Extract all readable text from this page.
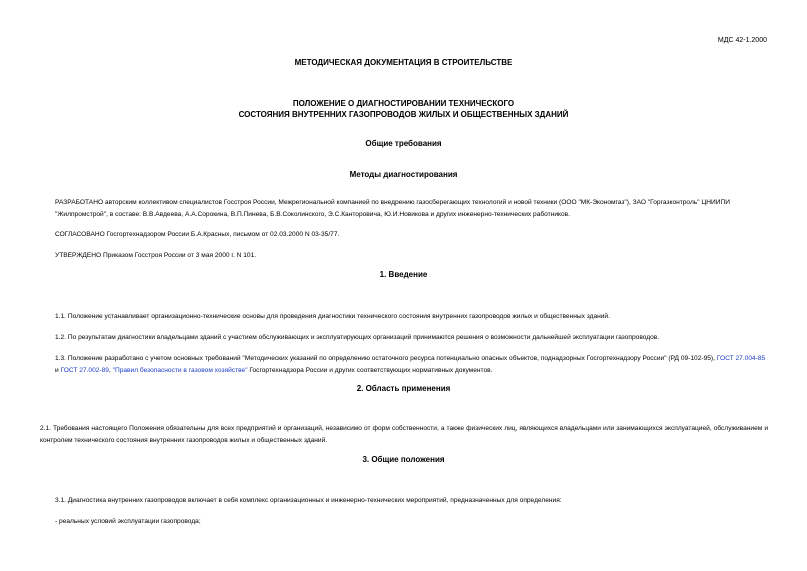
МДС 42-1.2000
МЕТОДИЧЕСКАЯ ДОКУМЕНТАЦИЯ В СТРОИТЕЛЬСТВЕ
ПОЛОЖЕНИЕ О ДИАГНОСТИРОВАНИИ ТЕХНИЧЕСКОГО
СОСТОЯНИЯ ВНУТРЕННИХ ГАЗОПРОВОДОВ ЖИЛЫХ И ОБЩЕСТВЕННЫХ ЗДАНИЙ
Общие требования
Методы диагностирования
РАЗРАБОТАНО авторским коллективом специалистов Госстроя России, Межрегиональной компанией по внедрению газосберегающих технологий и новой техники (ООО "МК-Экономгаз"), ЗАО "Горгазконтроль" ЦНИИПИ "Жилпромстрой", в составе: В.В.Авдеева, А.А.Сорокина, В.П.Пинева, Б.В.Соколинского, Э.С.Канторовича, Ю.И.Новикова и других инженерно-технических работников.
СОГЛАСОВАНО Госгортехнадзором России Б.А.Красных, письмом от 02.03.2000 N 03-35/77.
УТВЕРЖДЕНО Приказом Госстроя России от 3 мая 2000 г. N 101.
1. Введение
1.1. Положение устанавливает организационно-технические основы для проведения диагностики технического состояния внутренних газопроводов жилых и общественных зданий.
1.2. По результатам диагностики владельцами зданий с участием обслуживающих и эксплуатирующих организаций принимаются решения о возможности дальнейшей эксплуатации газопроводов.
1.3. Положение разработано с учетом основных требований "Методических указаний по определению остаточного ресурса потенциально опасных объектов, поднадзорных Госгортехнадзору России" (РД 09-102-95), ГОСТ 27.004-85 и ГОСТ 27.002-89, "Правил безопасности в газовом хозяйстве" Госгортехнадзора России и других соответствующих нормативных документов.
2. Область применения
2.1. Требования настоящего Положения обязательны для всех предприятий и организаций, независимо от форм собственности, а также физических лиц, являющихся владельцами или занимающихся эксплуатацией, обслуживанием и контролем технического состояния внутренних газопроводов жилых и общественных зданий.
3. Общие положения
3.1. Диагностика внутренних газопроводов включает в себя комплекс организационных и инженерно-технических мероприятий, предназначенных для определения:
- реальных условий эксплуатации газопровода;
